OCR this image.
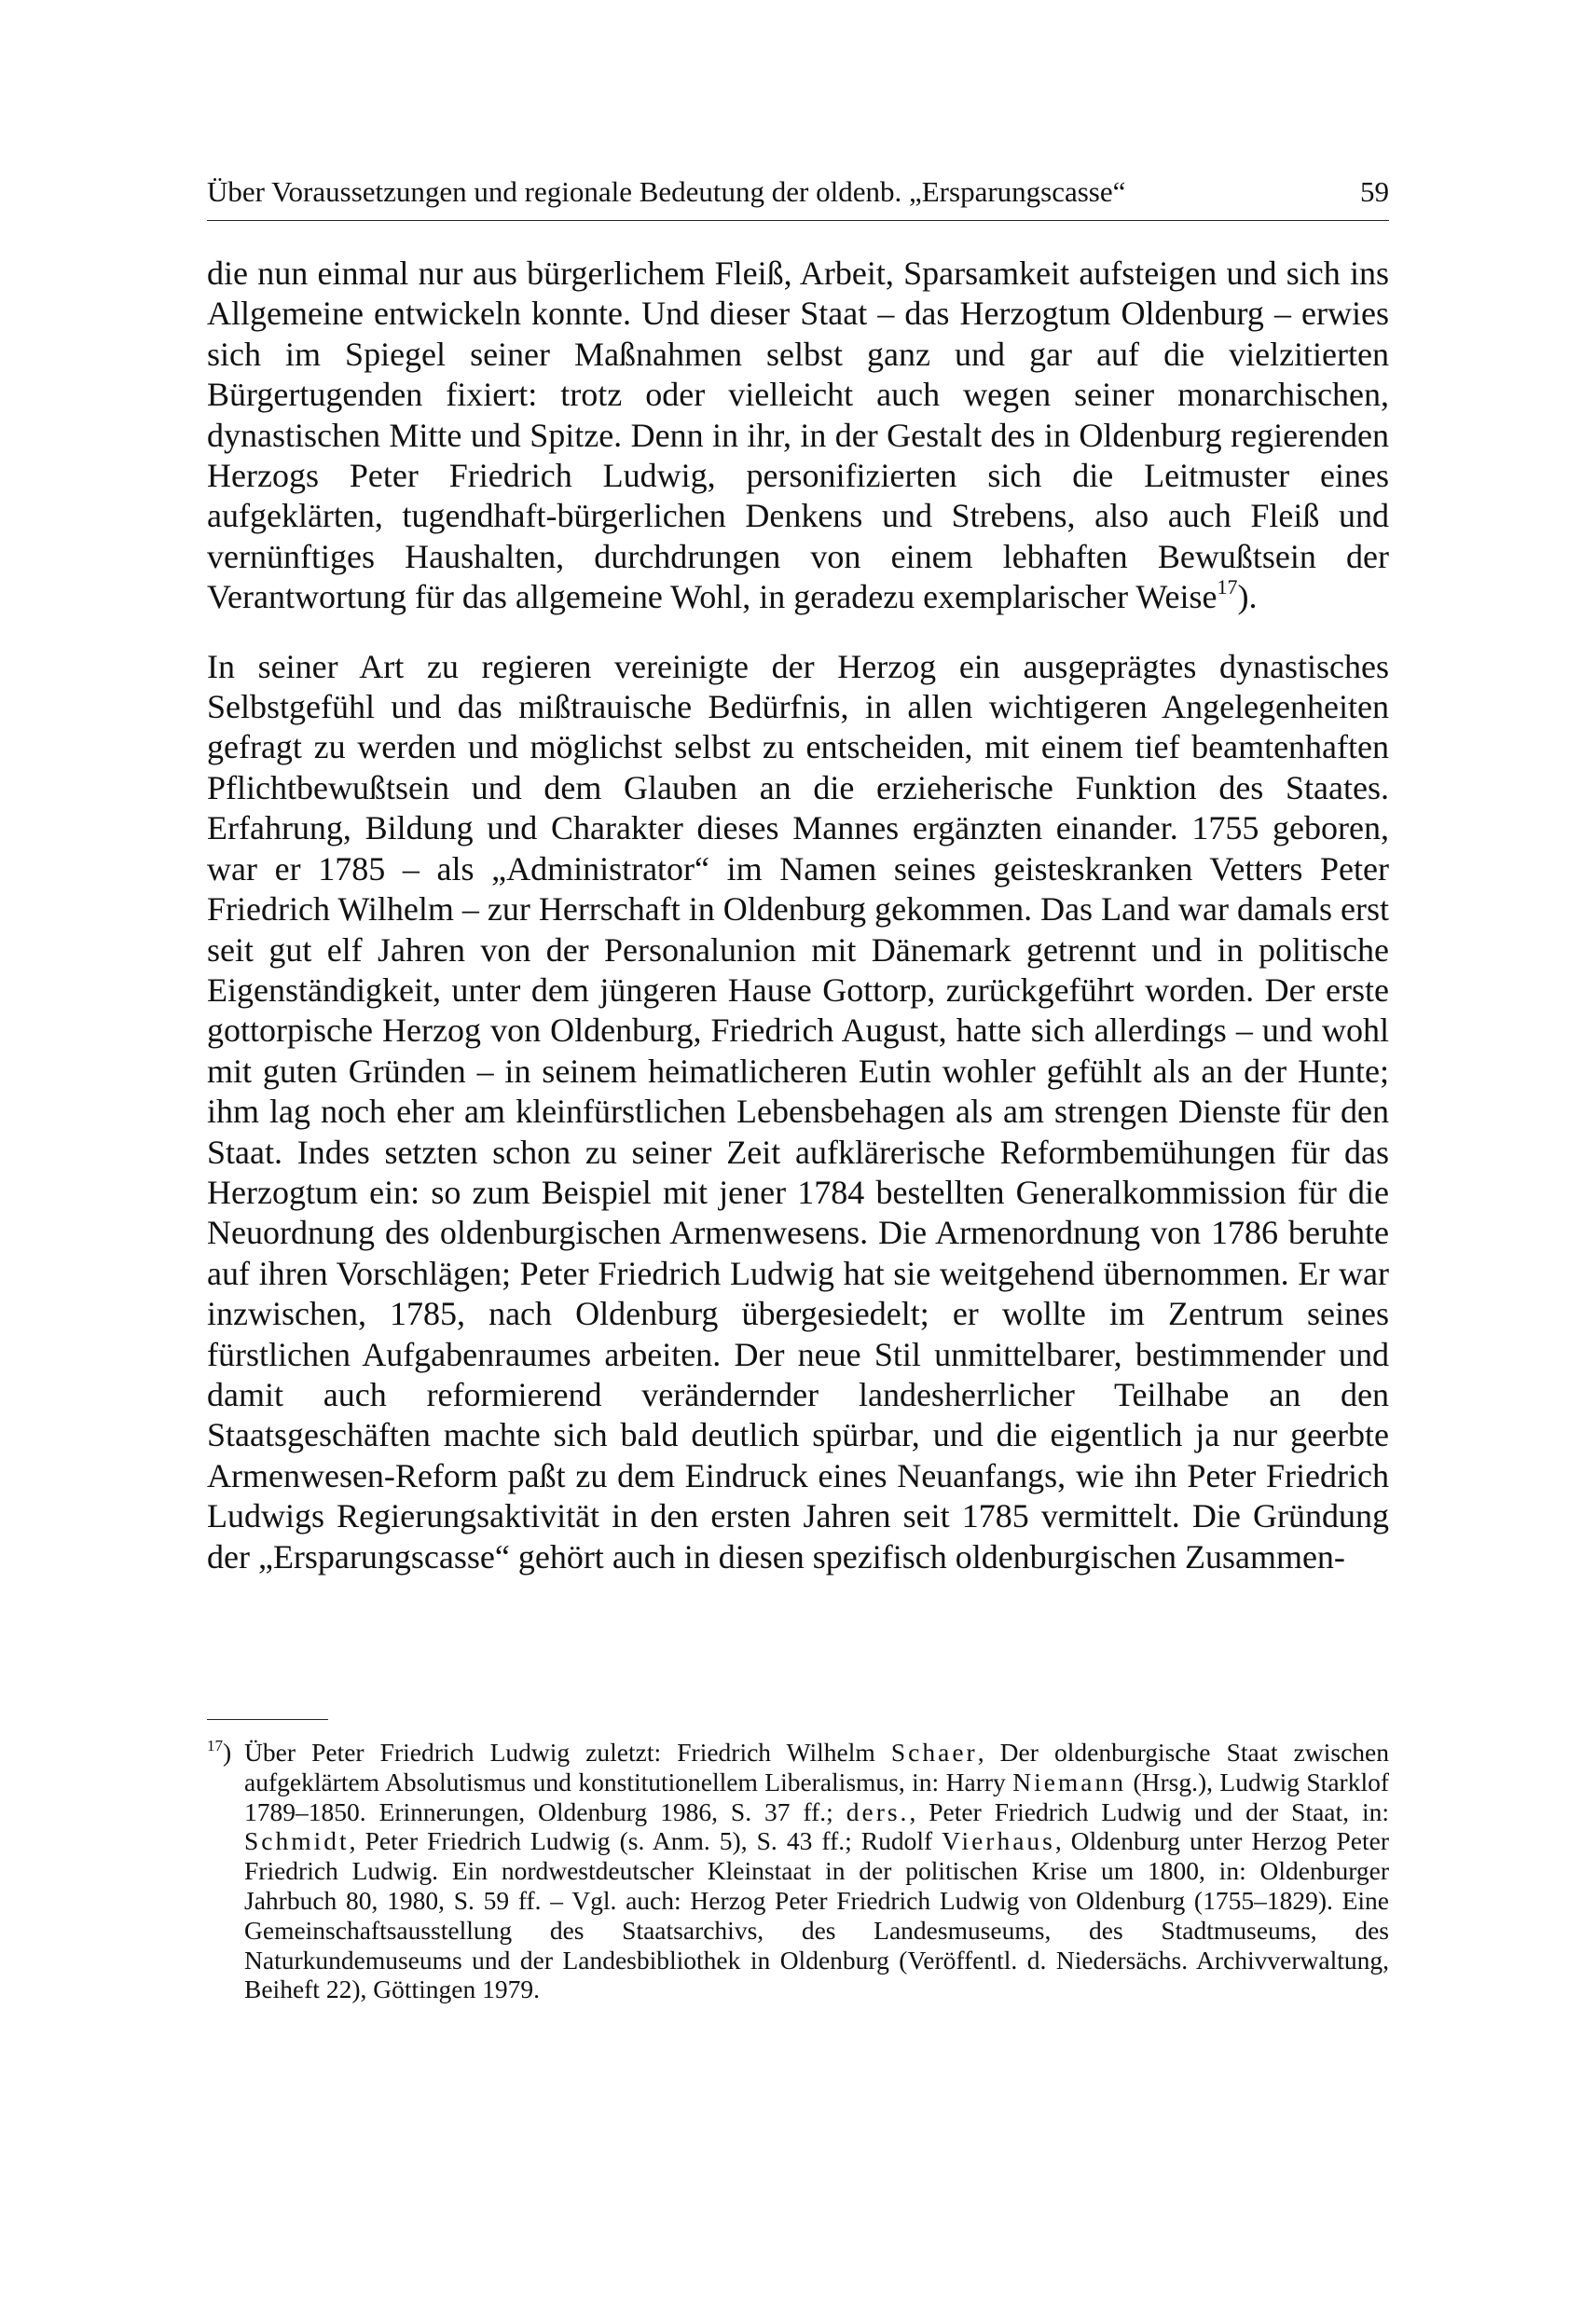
Über Voraussetzungen und regionale Bedeutung der oldenb. „Ersparungscasse“	59

die nun einmal nur aus bürgerlichem Fleiß, Arbeit, Sparsamkeit aufsteigen und sich ins Allgemeine entwickeln konnte. Und dieser Staat – das Herzogtum Oldenburg – erwies sich im Spiegel seiner Maßnahmen selbst ganz und gar auf die vielzitierten Bürgertugenden fixiert: trotz oder vielleicht auch wegen seiner monarchischen, dynastischen Mitte und Spitze. Denn in ihr, in der Gestalt des in Oldenburg regierenden Herzogs Peter Friedrich Ludwig, personifizierten sich die Leitmuster eines aufgeklärten, tugendhaft-bürgerlichen Denkens und Strebens, also auch Fleiß und vernünftiges Haushalten, durchdrungen von einem lebhaften Bewußtsein der Verantwortung für das allgemeine Wohl, in geradezu exemplarischer Weise$^{17}$).

In seiner Art zu regieren vereinigte der Herzog ein ausgeprägtes dynastisches Selbstgefühl und das mißtrauische Bedürfnis, in allen wichtigeren Angelegenheiten gefragt zu werden und möglichst selbst zu entscheiden, mit einem tief beamtenhaften Pflichtbewußtsein und dem Glauben an die erzieherische Funktion des Staates. Erfahrung, Bildung und Charakter dieses Mannes ergänzten einander. 1755 geboren, war er 1785 – als „Administrator“ im Namen seines geisteskranken Vetters Peter Friedrich Wilhelm – zur Herrschaft in Oldenburg gekommen. Das Land war damals erst seit gut elf Jahren von der Personalunion mit Dänemark getrennt und in politische Eigenständigkeit, unter dem jüngeren Hause Gottorp, zurückgeführt worden. Der erste gottorpische Herzog von Oldenburg, Friedrich August, hatte sich allerdings – und wohl mit guten Gründen – in seinem heimatlicheren Eutin wohler gefühlt als an der Hunte; ihm lag noch eher am kleinfürstlichen Lebensbehagen als am strengen Dienste für den Staat. Indes setzten schon zu seiner Zeit aufklärerische Reformbemühungen für das Herzogtum ein: so zum Beispiel mit jener 1784 bestellten Generalkommission für die Neuordnung des oldenburgischen Armenwesens. Die Armenordnung von 1786 beruhte auf ihren Vorschlägen; Peter Friedrich Ludwig hat sie weitgehend übernommen. Er war inzwischen, 1785, nach Oldenburg übergesiedelt; er wollte im Zentrum seines fürstlichen Aufgabenraumes arbeiten. Der neue Stil unmittelbarer, bestimmender und damit auch reformierend verändernder landesherrlicher Teilhabe an den Staatsgeschäften machte sich bald deutlich spürbar, und die eigentlich ja nur geerbte Armenwesen-Reform paßt zu dem Eindruck eines Neuanfangs, wie ihn Peter Friedrich Ludwigs Regierungsaktivität in den ersten Jahren seit 1785 vermittelt. Die Gründung der „Ersparungscasse“ gehört auch in diesen spezifisch oldenburgischen Zusammen-

$^{17}$) Über Peter Friedrich Ludwig zuletzt: Friedrich Wilhelm Schaer, Der oldenburgische Staat zwischen aufgeklärtem Absolutismus und konstitutionellem Liberalismus, in: Harry Niemann (Hrsg.), Ludwig Starklof 1789–1850. Erinnerungen, Oldenburg 1986, S. 37 ff.; ders., Peter Friedrich Ludwig und der Staat, in: Schmidt, Peter Friedrich Ludwig (s. Anm. 5), S. 43 ff.; Rudolf Vierhaus, Oldenburg unter Herzog Peter Friedrich Ludwig. Ein nordwestdeutscher Kleinstaat in der politischen Krise um 1800, in: Oldenburger Jahrbuch 80, 1980, S. 59 ff. – Vgl. auch: Herzog Peter Friedrich Ludwig von Oldenburg (1755–1829). Eine Gemeinschaftsausstellung des Staatsarchivs, des Landesmuseums, des Stadtmuseums, des Naturkundemuseums und der Landesbibliothek in Oldenburg (Veröffentl. d. Niedersächs. Archivverwaltung, Beiheft 22), Göttingen 1979.
